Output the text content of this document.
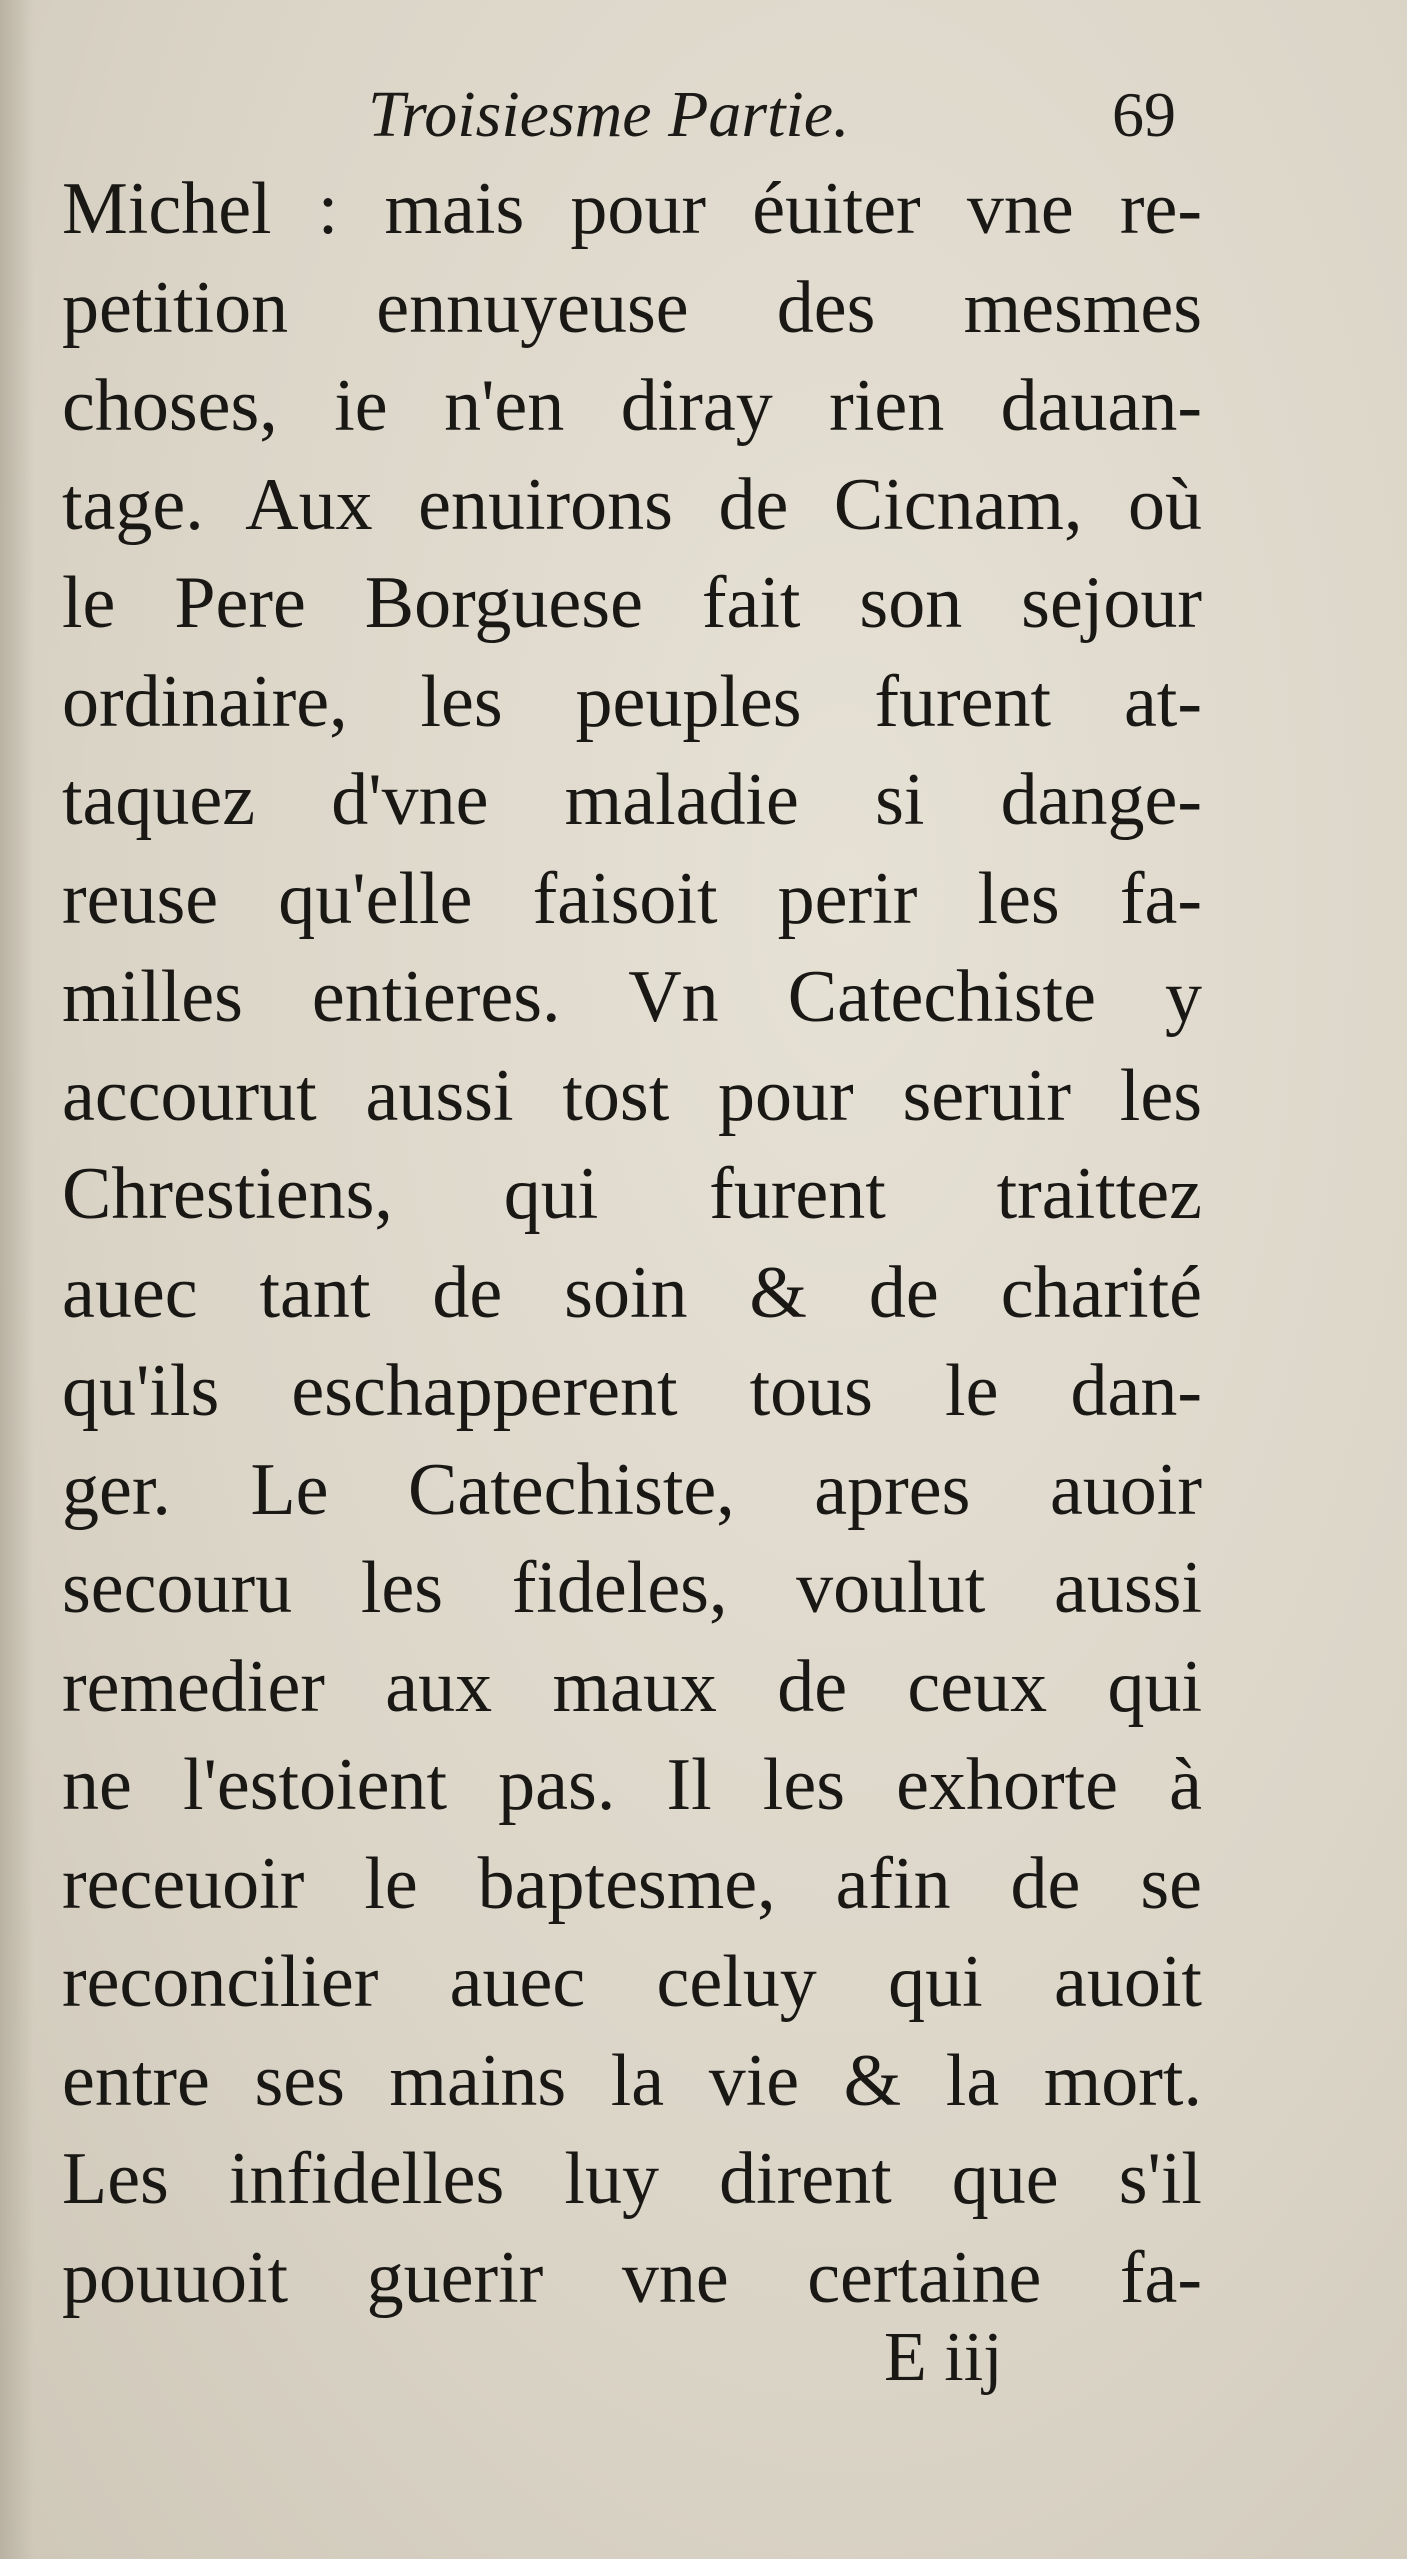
Troisiesme Partie.	69
Michel : mais pour éuiter vne re-
petition ennuyeuse des mesmes
choses, ie n'en diray rien dauan-
tage. Aux enuirons de Cicnam, où
le Pere Borguese fait son sejour
ordinaire, les peuples furent at-
taquez d'vne maladie si dange-
reuse qu'elle faisoit perir les fa-
milles entieres. Vn Catechiste y
accourut aussi tost pour seruir les
Chrestiens, qui furent traittez
auec tant de soin & de charité
qu'ils eschapperent tous le dan-
ger. Le Catechiste, apres auoir
secouru les fideles, voulut aussi
remedier aux maux de ceux qui
ne l'estoient pas. Il les exhorte à
receuoir le baptesme, afin de se
reconcilier auec celuy qui auoit
entre ses mains la vie & la mort.
Les infidelles luy dirent que s'il
pouuoit guerir vne certaine fa-
E iij
